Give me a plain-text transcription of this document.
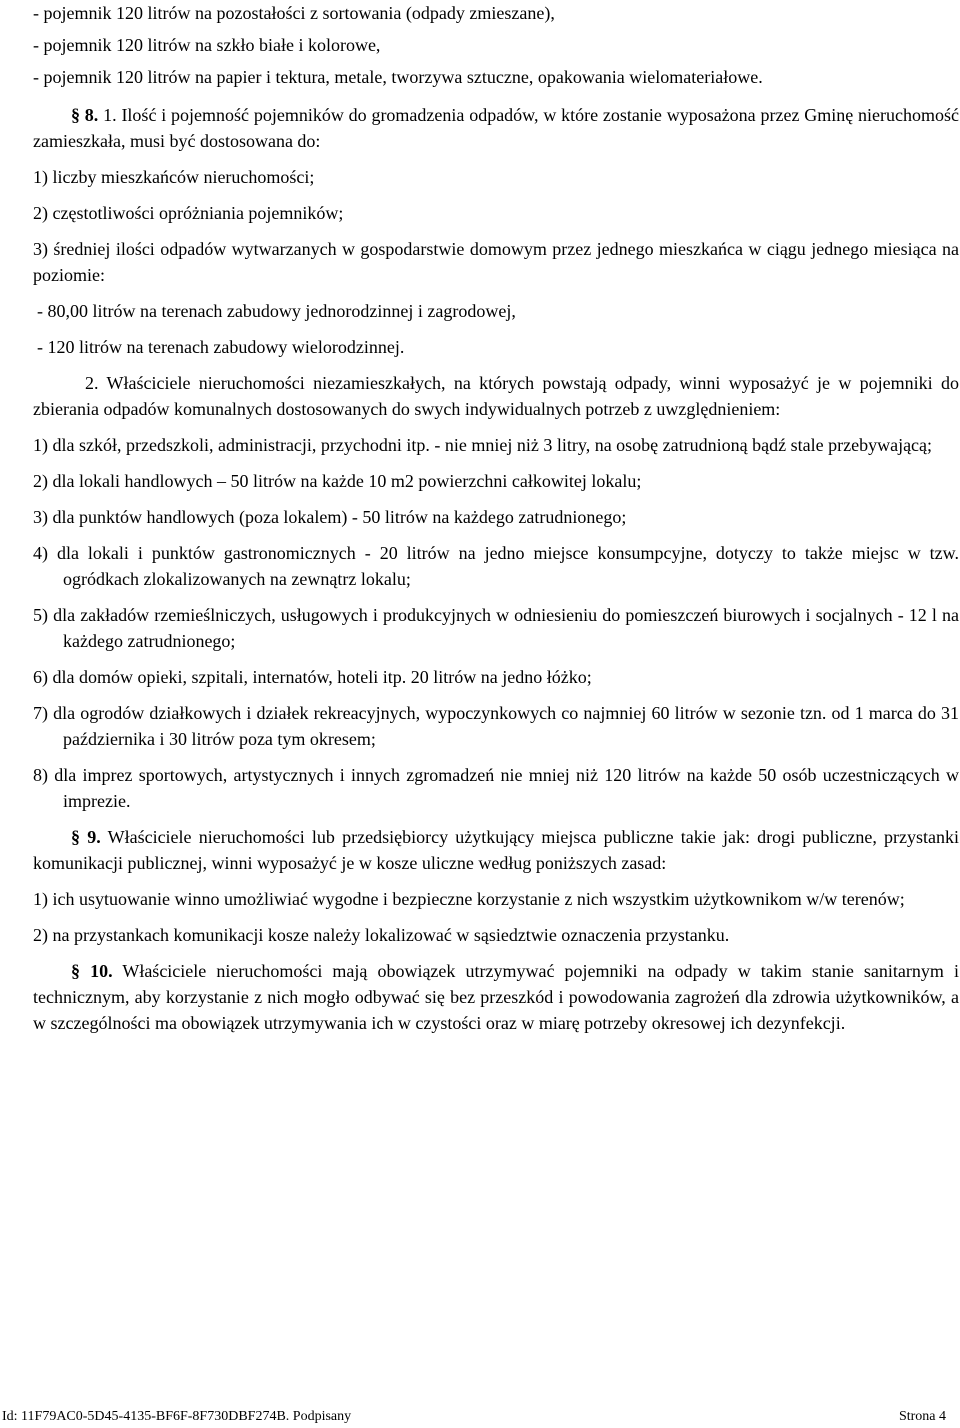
- pojemnik 120 litrów na pozostałości z sortowania (odpady zmieszane),

- pojemnik 120 litrów na szkło białe i kolorowe,

- pojemnik 120 litrów na papier i tektura, metale, tworzywa sztuczne, opakowania wielomateriałowe.

§ 8. 1. Ilość i pojemność pojemników do gromadzenia odpadów, w które zostanie wyposażona przez Gminę nieruchomość zamieszkała, musi być dostosowana do:

1) liczby mieszkańców nieruchomości;

2) częstotliwości opróżniania pojemników;

3) średniej ilości odpadów wytwarzanych w gospodarstwie domowym przez jednego mieszkańca w ciągu jednego miesiąca na poziomie:

- 80,00 litrów na terenach zabudowy jednorodzinnej i zagrodowej,

- 120 litrów na terenach zabudowy wielorodzinnej.

2. Właściciele nieruchomości niezamieszkałych, na których powstają odpady, winni wyposażyć je w pojemniki do zbierania odpadów komunalnych dostosowanych do swych indywidualnych potrzeb z uwzględnieniem:

1) dla szkół, przedszkoli, administracji, przychodni itp. - nie mniej niż 3 litry, na osobę zatrudnioną bądź stale przebywającą;

2) dla lokali handlowych – 50 litrów na każde 10 m2 powierzchni całkowitej lokalu;

3) dla punktów handlowych (poza lokalem) - 50 litrów na każdego zatrudnionego;

4) dla lokali i punktów gastronomicznych - 20 litrów na jedno miejsce konsumpcyjne, dotyczy to także miejsc w tzw. ogródkach zlokalizowanych na zewnątrz lokalu;

5) dla zakładów rzemieślniczych, usługowych i produkcyjnych w odniesieniu do pomieszczeń biurowych i socjalnych - 12 l na każdego zatrudnionego;

6) dla domów opieki, szpitali, internatów, hoteli itp. 20 litrów na jedno łóżko;

7) dla ogrodów działkowych i działek rekreacyjnych, wypoczynkowych co najmniej 60 litrów w sezonie tzn. od 1 marca do 31 października i 30 litrów poza tym okresem;

8) dla imprez sportowych, artystycznych i innych zgromadzeń nie mniej niż 120 litrów na każde 50 osób uczestniczących w imprezie.

§ 9. Właściciele nieruchomości lub przedsiębiorcy użytkujący miejsca publiczne takie jak: drogi publiczne, przystanki komunikacji publicznej, winni wyposażyć je w kosze uliczne według poniższych zasad:

1) ich usytuowanie winno umożliwiać wygodne i bezpieczne korzystanie z nich wszystkim użytkownikom w/w terenów;

2) na przystankach komunikacji kosze należy lokalizować w sąsiedztwie oznaczenia przystanku.

§ 10. Właściciele nieruchomości mają obowiązek utrzymywać pojemniki na odpady w takim stanie sanitarnym i technicznym, aby korzystanie z nich mogło odbywać się bez przeszkód i powodowania zagrożeń dla zdrowia użytkowników, a w szczególności ma obowiązek utrzymywania ich w czystości oraz w miarę potrzeby okresowej ich dezynfekcji.

Id: 11F79AC0-5D45-4135-BF6F-8F730DBF274B. Podpisany	Strona 4
